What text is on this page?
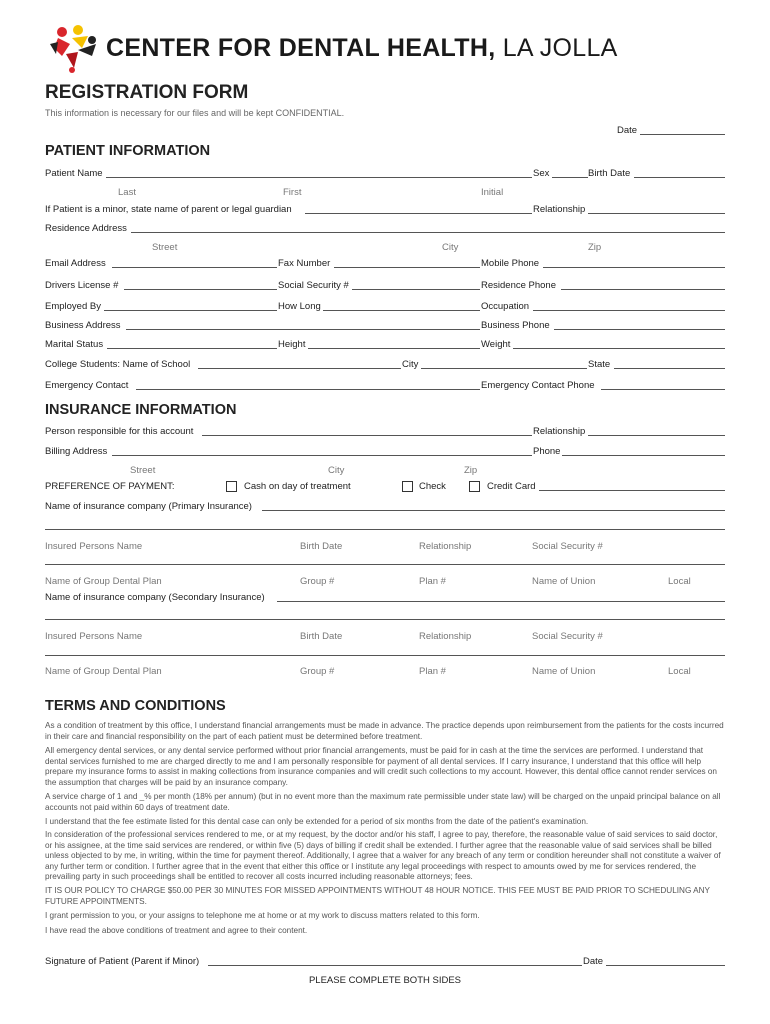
CENTER FOR DENTAL HEALTH, LA JOLLA
REGISTRATION FORM
This information is necessary for our files and will be kept CONFIDENTIAL.
Date
PATIENT INFORMATION
Patient Name	Sex	Birth Date
Last	First	Initial
If Patient is a minor, state name of parent or legal guardian	Relationship
Residence Address
Street	City	Zip
Email Address	Fax Number	Mobile Phone
Drivers License #	Social Security #	Residence Phone
Employed By	How Long	Occupation
Business Address	Business Phone
Marital Status	Height	Weight
College Students: Name of School	City	State
Emergency Contact	Emergency Contact Phone
INSURANCE INFORMATION
Person responsible for this account	Relationship
Billing Address	Phone
Street	City	Zip
PREFERENCE OF PAYMENT:	Cash on day of treatment	Check	Credit Card
Name of insurance company (Primary Insurance)
Insured Persons Name	Birth Date	Relationship	Social Security #
Name of Group Dental Plan	Group #	Plan #	Name of Union	Local
Name of insurance company (Secondary Insurance)
Insured Persons Name	Birth Date	Relationship	Social Security #
Name of Group Dental Plan	Group #	Plan #	Name of Union	Local
TERMS AND CONDITIONS
As a condition of treatment by this office, I understand financial arrangements must be made in advance. The practice depends upon reimbursement from the patients for the costs incurred in their care and financial responsibility on the part of each patient must be determined before treatment.
All emergency dental services, or any dental service performed without prior financial arrangements, must be paid for in cash at the time the services are performed. I understand that dental services furnished to me are charged directly to me and I am personally responsible for payment of all dental services. If I carry insurance, I understand that this office will help prepare my insurance forms to assist in making collections from insurance companies and will credit such collections to my account. However, this dental office cannot render services on the assumption that charges will be paid by an insurance company.
A service charge of 1 and _% per month (18% per annum) (but in no event more than the maximum rate permissible under state law) will be charged on the unpaid principal balance on all accounts not paid within 60 days of treatment date.
I understand that the fee estimate listed for this dental case can only be extended for a period of six months from the date of the patient's examination.
In consideration of the professional services rendered to me, or at my request, by the doctor and/or his staff, I agree to pay, therefore, the reasonable value of said services to said doctor, or his assignee, at the time said services are rendered, or within five (5) days of billing if credit shall be extended. I further agree that the reasonable value of said services shall be billed unless objected to by me, in writing, within the time for payment thereof. Additionally, I agree that a waiver for any breach of any term or condition hereunder shall not constitute a waiver of any further term or condition. I further agree that in the event that either this office or I institute any legal proceedings with respect to amounts owed by me for services rendered, the prevailing party in such proceedings shall be entitled to recover all costs incurred including reasonable attorneys; fees.
IT IS OUR POLICY TO CHARGE $50.00 PER 30 MINUTES FOR MISSED APPOINTMENTS WITHOUT 48 HOUR NOTICE. THIS FEE MUST BE PAID PRIOR TO SCHEDULING ANY FUTURE APPOINTMENTS.
I grant permission to you, or your assigns to telephone me at home or at my work to discuss matters related to this form.
I have read the above conditions of treatment and agree to their content.
Signature of Patient (Parent if Minor)	Date
PLEASE COMPLETE BOTH SIDES
